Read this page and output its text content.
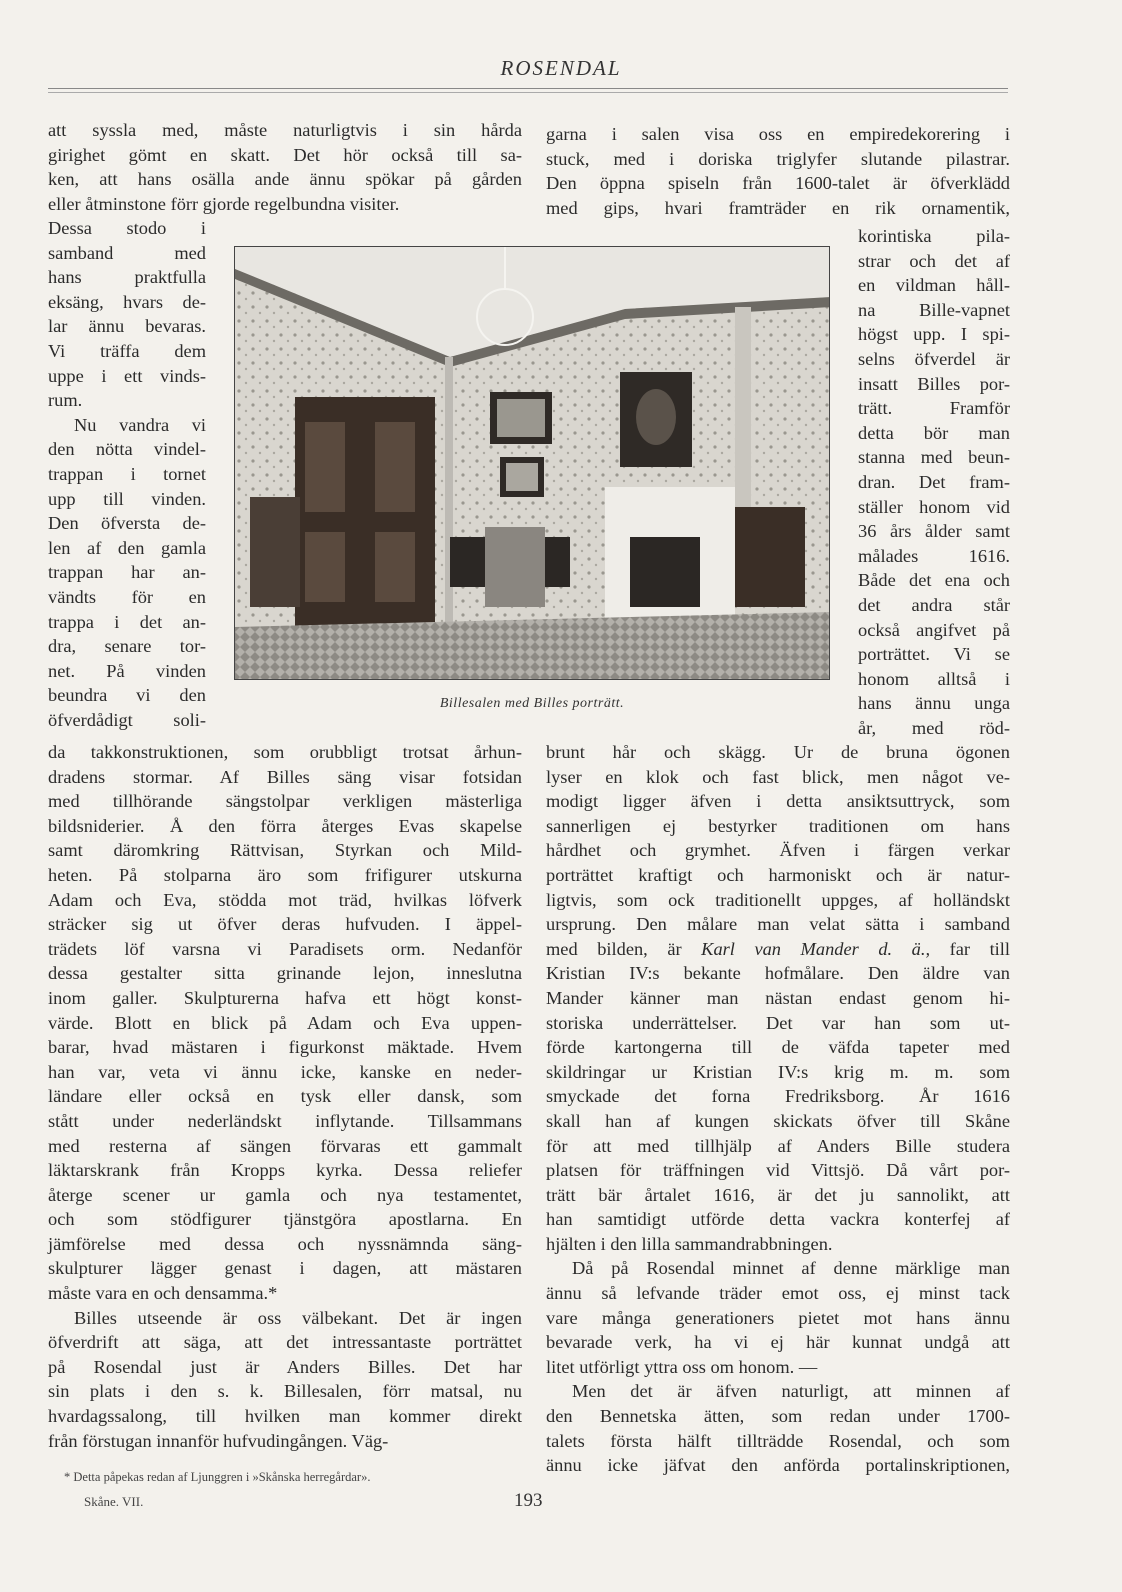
ROSENDAL

att syssla med, måste naturligtvis i sin hårda

girighet gömt en skatt. Det hör också till sa-

ken, att hans osälla ande ännu spökar på gården

eller åtminstone förr gjorde regelbundna visiter.

Dessa stodo i

samband med

hans praktfulla

eksäng, hvars de-

lar ännu bevaras.

Vi träffa dem

uppe i ett vinds-

rum.

Nu vandra vi

den nötta vindel-

trappan i tornet

upp till vinden.

Den öfversta de-

len af den gamla

trappan har an-

vändts för en

trappa i det an-

dra, senare tor-

net. På vinden

beundra vi den

öfverdådigt soli-

da takkonstruktionen, som orubbligt trotsat århun-

dradens stormar. Af Billes säng visar fotsidan

med tillhörande sängstolpar verkligen mästerliga

bildsniderier. Å den förra återges Evas skapelse

samt däromkring Rättvisan, Styrkan och Mild-

heten. På stolparna äro som frifigurer utskurna

Adam och Eva, stödda mot träd, hvilkas löfverk

sträcker sig ut öfver deras hufvuden. I äppel-

trädets löf varsna vi Paradisets orm. Nedanför

dessa gestalter sitta grinande lejon, inneslutna

inom galler. Skulpturerna hafva ett högt konst-

värde. Blott en blick på Adam och Eva uppen-

barar, hvad mästaren i figurkonst mäktade. Hvem

han var, veta vi ännu icke, kanske en neder-

ländare eller också en tysk eller dansk, som

stått under nederländskt inflytande. Tillsammans

med resterna af sängen förvaras ett gammalt

läktarskrank från Kropps kyrka. Dessa reliefer

återge scener ur gamla och nya testamentet,

och som stödfigurer tjänstgöra apostlarna. En

jämförelse med dessa och nyssnämnda säng-

skulpturer lägger genast i dagen, att mästaren

måste vara en och densamma.*

Billes utseende är oss välbekant. Det är ingen

öfverdrift att säga, att det intressantaste porträttet

på Rosendal just är Anders Billes. Det har

sin plats i den s. k. Billesalen, förr matsal, nu

hvardagssalong, till hvilken man kommer direkt

från förstugan innanför hufvudingången. Väg-

garna i salen visa oss en empiredekorering i

stuck, med i doriska triglyfer slutande pilastrar.

Den öppna spiseln från 1600-talet är öfverklädd

med gips, hvari framträder en rik ornamentik,

korintiska pila-

strar och det af

en vildman håll-

na Bille-vapnet

högst upp. I spi-

selns öfverdel är

insatt Billes por-

trätt. Framför

detta bör man

stanna med beun-

dran. Det fram-

ställer honom vid

36 års ålder samt

målades 1616.

Både det ena och

det andra står

också angifvet på

porträttet. Vi se

honom alltså i

hans ännu unga

år, med röd-

brunt hår och skägg. Ur de bruna ögonen

lyser en klok och fast blick, men något ve-

modigt ligger äfven i detta ansiktsuttryck, som

sannerligen ej bestyrker traditionen om hans

hårdhet och grymhet. Äfven i färgen verkar

porträttet kraftigt och harmoniskt och är natur-

ligtvis, som ock traditionellt uppges, af holländskt

ursprung. Den målare man velat sätta i samband

med bilden, är Karl van Mander d. ä., far till

Kristian IV:s bekante hofmålare. Den äldre van

Mander känner man nästan endast genom hi-

storiska underrättelser. Det var han som ut-

förde kartongerna till de väfda tapeter med

skildringar ur Kristian IV:s krig m. m. som

smyckade det forna Fredriksborg. År 1616

skall han af kungen skickats öfver till Skåne

för att med tillhjälp af Anders Bille studera

platsen för träffningen vid Vittsjö. Då vårt por-

trätt bär årtalet 1616, är det ju sannolikt, att

han samtidigt utförde detta vackra konterfej af

hjälten i den lilla sammandrabbningen.

Då på Rosendal minnet af denne märklige man

ännu så lefvande träder emot oss, ej minst tack

vare många generationers pietet mot hans ännu

bevarade verk, ha vi ej här kunnat undgå att

litet utförligt yttra oss om honom. —

Men det är äfven naturligt, att minnen af

den Bennetska ätten, som redan under 1700-

talets första hälft tillträdde Rosendal, och som

ännu icke jäfvat den anförda portalinskriptionen,

Billesalen med Billes porträtt.
* Detta påpekas redan af Ljunggren i »Skånska herregårdar».
Skåne. VII.	193
